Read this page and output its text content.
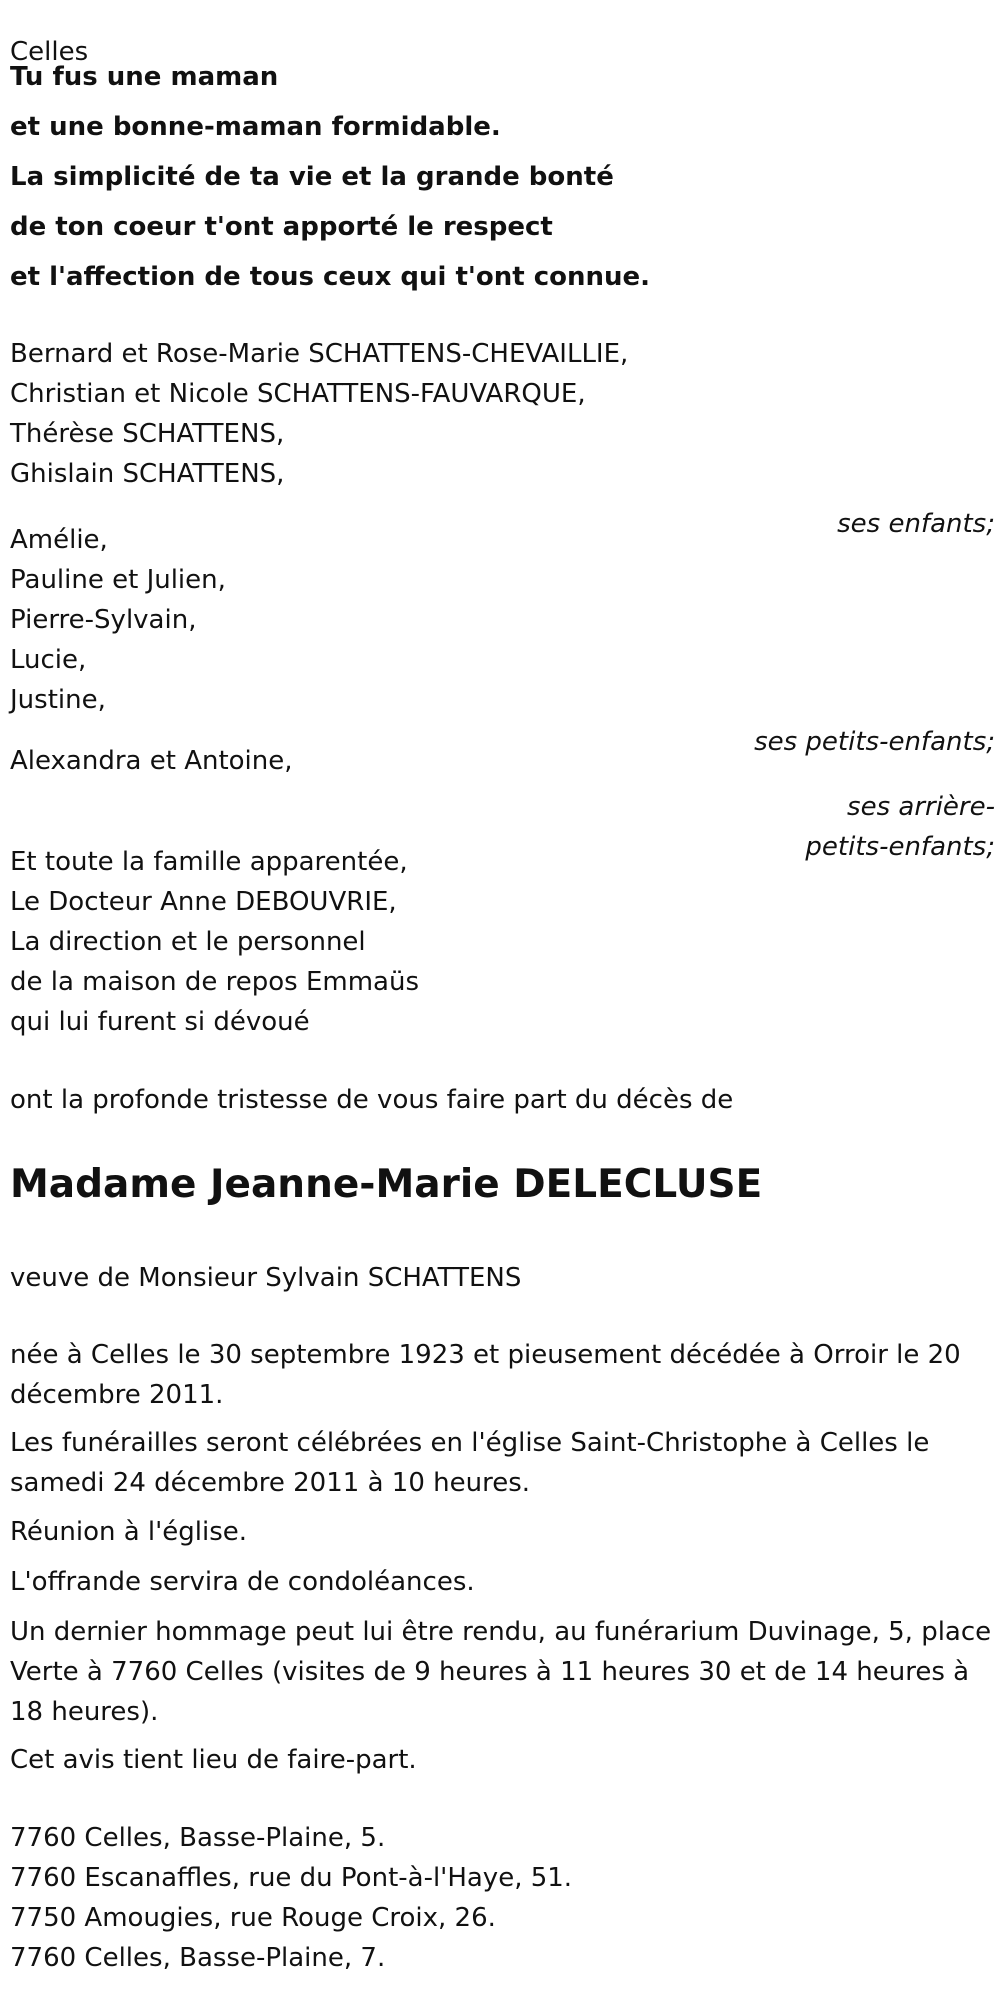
Celles

Tu fus une maman

et une bonne-maman formidable.

La simplicité de ta vie et la grande bonté

de ton coeur t'ont apporté le respect

et l'affection de tous ceux qui t'ont connue.

Bernard et Rose-Marie SCHATTENS-CHEVAILLIE,

Christian et Nicole SCHATTENS-FAUVARQUE,

Thérèse SCHATTENS,

Ghislain SCHATTENS,

ses enfants;

Amélie,

Pauline et Julien,

Pierre-Sylvain,

Lucie,

Justine,

ses petits-enfants;

Alexandra et Antoine,

ses arrière-petits-enfants;

Et toute la famille apparentée,

Le Docteur Anne DEBOUVRIE,

La direction et le personnel

de la maison de repos Emmaüs

qui lui furent si dévoué

ont la profonde tristesse de vous faire part du décès de

Madame Jeanne-Marie DELECLUSE

veuve de Monsieur Sylvain SCHATTENS

née à Celles le 30 septembre 1923 et pieusement décédée à Orroir le 20 décembre 2011.

Les funérailles seront célébrées en l'église Saint-Christophe à Celles le samedi 24 décembre 2011 à 10 heures.

Réunion à l'église.

L'offrande servira de condoléances.

Un dernier hommage peut lui être rendu, au funérarium Duvinage, 5, place Verte à 7760 Celles (visites de 9 heures à 11 heures 30 et de 14 heures à 18 heures).

Cet avis tient lieu de faire-part.

7760 Celles, Basse-Plaine, 5.

7760 Escanaffles, rue du Pont-à-l'Haye, 51.

7750 Amougies, rue Rouge Croix, 26.

7760 Celles, Basse-Plaine, 7.
